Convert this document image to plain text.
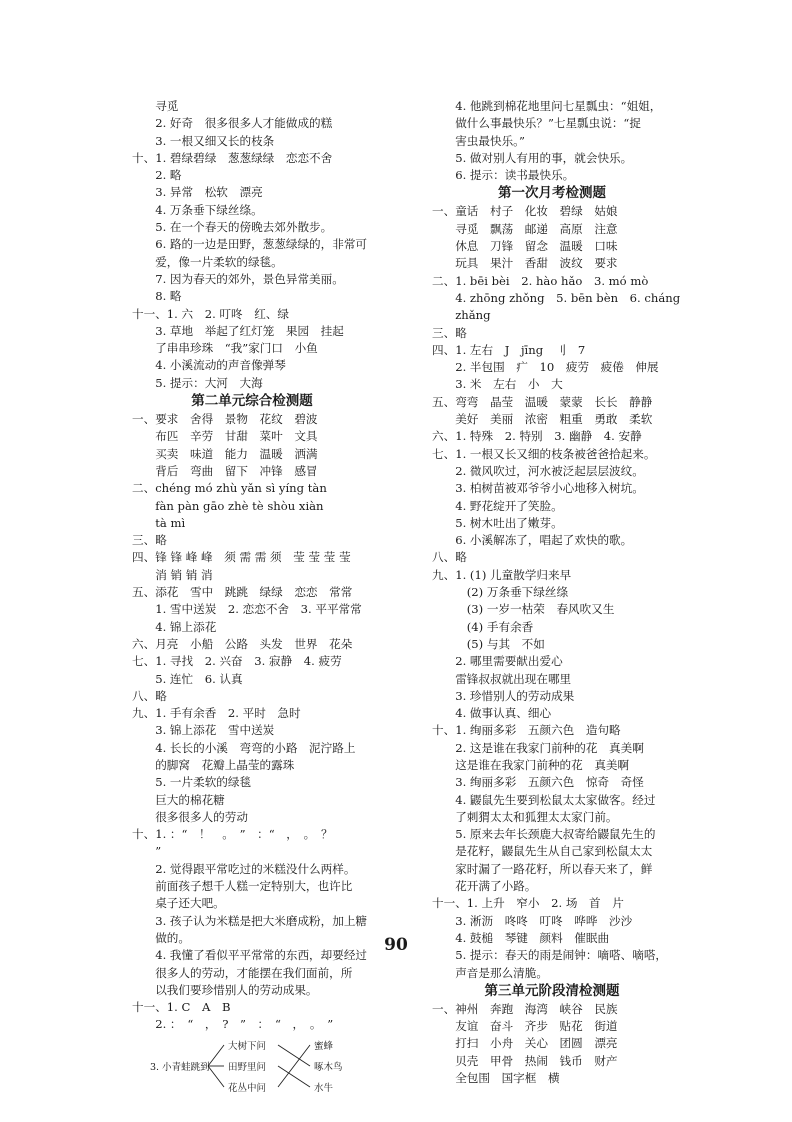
　　寻觅
　　2. 好奇　很多很多人才能做成的糕
　　3. 一根又细又长的枝条
十、1. 碧绿碧绿　葱葱绿绿　恋恋不舍
　　2. 略
　　3. 异常　松软　漂亮
　　4. 万条垂下绿丝绦。
　　5. 在一个春天的傍晚去郊外散步。
　　6. 路的一边是田野，葱葱绿绿的，非常可
　　爱，像一片柔软的绿毯。
　　7. 因为春天的郊外，景色异常美丽。
　　8. 略
十一、1. 六　2. 叮咚　红、绿
　　3. 草地　举起了红灯笼　果园　挂起
　　了串串珍珠　“我”家门口　小鱼
　　4. 小溪流动的声音像弹琴
　　5. 提示：大河　大海
第二单元综合检测题
一、要求　舍得　景物　花纹　碧波
　　布匹　辛劳　甘甜　菜叶　文具
　　买卖　味道　能力　温暖　洒满
　　背后　弯曲　留下　冲锋　感冒
二、chéng mó zhù yǎn sì yíng tàn
　　fàn pàn gāo zhè tè shòu xiàn
　　tà mì
三、略
四、锋 锋 峰 峰　须 需 需 须　莹 莹 莹 莹
　　消 销 销 消
五、添花　雪中　跳跳　绿绿　恋恋　常常
　　1. 雪中送炭　2. 恋恋不舍　3. 平平常常
　　4. 锦上添花
六、月亮　小船　公路　头发　世界　花朵
七、1. 寻找　2. 兴奋　3. 寂静　4. 疲劳
　　5. 连忙　6. 认真
八、略
九、1. 手有余香　2. 平时　急时
　　3. 锦上添花　雪中送炭
　　4. 长长的小溪　弯弯的小路　泥泞路上
　　的脚窝　花瓣上晶莹的露珠
　　5. 一片柔软的绿毯
　　巨大的棉花糖
　　很多很多人的劳动
十、1. ：“　！　。　”　：“　，　。　？
　　”
　　2. 觉得跟平常吃过的米糕没什么两样。
　　前面孩子想千人糕一定特别大，也许比
　　桌子还大吧。
　　3. 孩子认为米糕是把大米磨成粉，加上糖
　　做的。
　　4. 我懂了看似平平常常的东西，却要经过
　　很多人的劳动，才能摆在我们面前，所
　　以我们要珍惜别人的劳动成果。
十一、1. C　A　B
　　2. ：　“　，　?　”　：　“　，　。　”
3. 小青蛙跳到
大树下问
田野里问
花丛中问
蜜蜂
啄木鸟
水牛
　　4. 他跳到棉花地里问七星瓢虫：“姐姐，
　　做什么事最快乐？”七星瓢虫说：“捉
　　害虫最快乐。”
　　5. 做对别人有用的事，就会快乐。
　　6. 提示：读书最快乐。
第一次月考检测题
一、童话　村子　化妆　碧绿　姑娘
　　寻觅　飘荡　邮递　高原　注意
　　休息　刀锋　留念　温暖　口味
　　玩具　果汁　香甜　波纹　要求
二、1. bēi bèi　2. hào hǎo　3. mó mò
　　4. zhōng zhǒng　5. bēn bèn　6. cháng
　　zhǎng
三、略
四、1. 左右　J　jīng　刂　7
　　2. 半包围　疒　10　疲劳　疲倦　伸展
　　3. 米　左右　小　大
五、弯弯　晶莹　温暖　蒙蒙　长长　静静
　　美好　美丽　浓密　粗重　勇敢　柔软
六、1. 特殊　2. 特别　3. 幽静　4. 安静
七、1. 一根又长又细的枝条被爸爸拾起来。
　　2. 微风吹过，河水被泛起层层波纹。
　　3. 柏树苗被邓爷爷小心地移入树坑。
　　4. 野花绽开了笑脸。
　　5. 树木吐出了嫩芽。
　　6. 小溪解冻了，唱起了欢快的歌。
八、略
九、1. (1) 儿童散学归来早
　　　(2) 万条垂下绿丝绦
　　　(3) 一岁一枯荣　春风吹又生
　　　(4) 手有余香
　　　(5) 与其　不如
　　2. 哪里需要献出爱心
　　雷锋叔叔就出现在哪里
　　3. 珍惜别人的劳动成果
　　4. 做事认真、细心
十、1. 绚丽多彩　五颜六色　造句略
　　2. 这是谁在我家门前种的花　真美啊
　　这是谁在我家门前种的花　真美啊
　　3. 绚丽多彩　五颜六色　惊奇　奇怪
　　4. 鼹鼠先生要到松鼠太太家做客。经过
　　了刺猬太太和狐狸太太家门前。
　　5. 原来去年长颈鹿大叔寄给鼹鼠先生的
　　是花籽，鼹鼠先生从自己家到松鼠太太
　　家时漏了一路花籽，所以春天来了，鲜
　　花开满了小路。
十一、1. 上升　窄小　2. 场　首　片
　　3. 淅沥　咚咚　叮咚　哗哗　沙沙
　　4. 鼓槌　琴键　颜料　催眠曲
　　5. 提示：春天的雨是闹钟：嘀嗒、嘀嗒，
　　声音是那么清脆。
第三单元阶段清检测题
一、神州　奔跑　海湾　峡谷　民族
　　友谊　奋斗　齐步　贴花　街道
　　打扫　小舟　关心　团圆　漂亮
　　贝壳　甲骨　热闹　钱币　财产
　　全包围　国字框　横
90
